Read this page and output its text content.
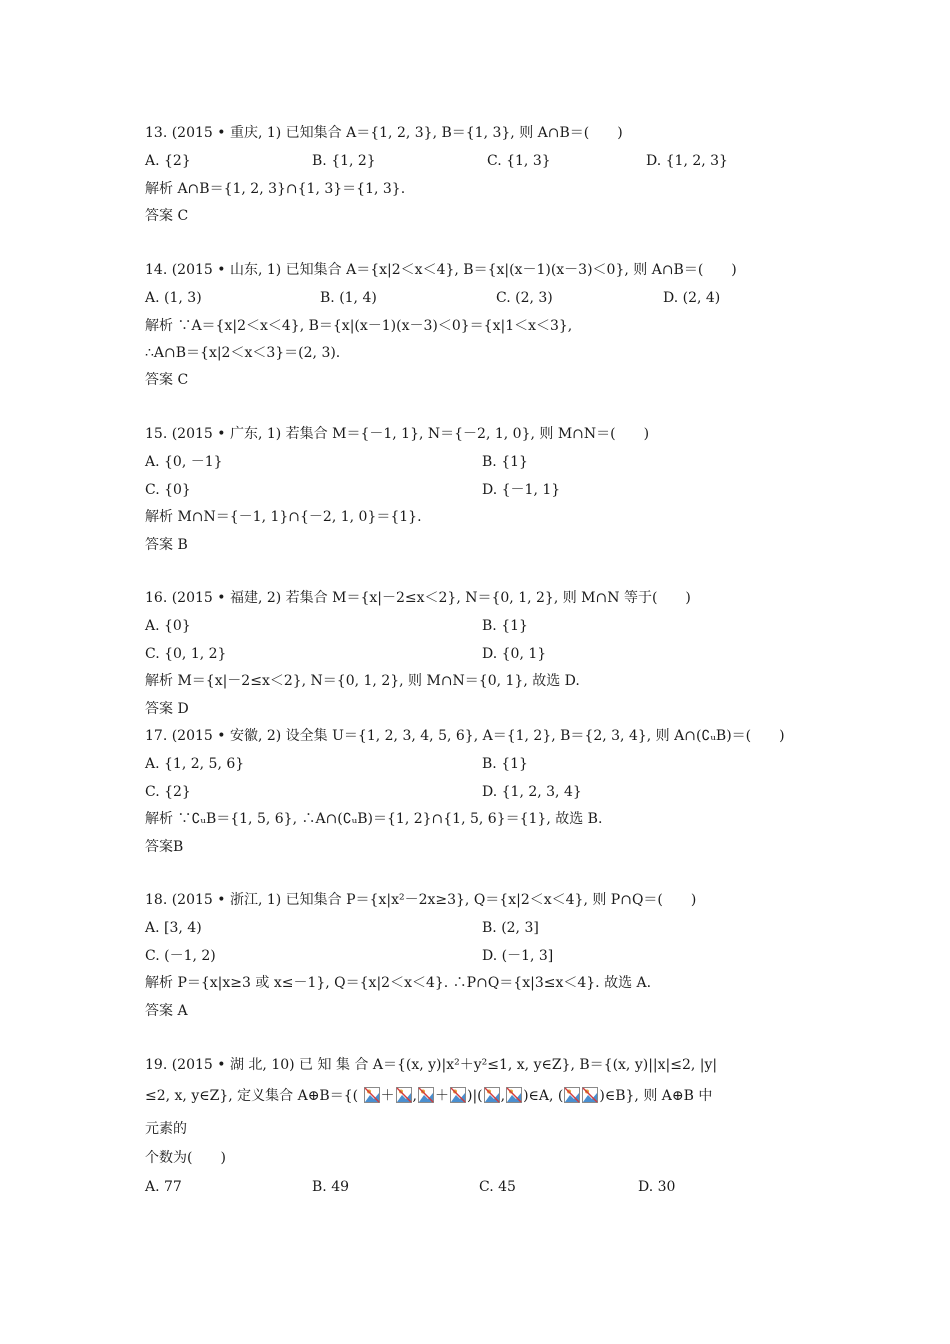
13. (2015 • 重庆, 1) 已知集合 A＝{1, 2, 3}, B＝{1, 3}, 则 A∩B＝(　　)
A. {2}	B. {1, 2}	C. {1, 3}	D. {1, 2, 3}
解析 A∩B＝{1, 2, 3}∩{1, 3}＝{1, 3}.
答案 C
14. (2015 • 山东, 1) 已知集合 A＝{x|2＜x＜4}, B＝{x|(x－1)(x－3)＜0}, 则 A∩B＝(　　)
A. (1, 3)	B. (1, 4)	C. (2, 3)	D. (2, 4)
解析 ∵A＝{x|2＜x＜4}, B＝{x|(x－1)(x－3)＜0}＝{x|1＜x＜3},
∴A∩B＝{x|2＜x＜3}＝(2, 3).
答案 C
15. (2015 • 广东, 1) 若集合 M＝{－1, 1}, N＝{－2, 1, 0}, 则 M∩N＝(　　)
A. {0, －1}	B. {1}
C. {0}	D. {－1, 1}
解析 M∩N＝{－1, 1}∩{－2, 1, 0}＝{1}.
答案 B
16. (2015 • 福建, 2) 若集合 M＝{x|－2≤x＜2}, N＝{0, 1, 2}, 则 M∩N 等于(　　)
A. {0}	B. {1}
C. {0, 1, 2}	D. {0, 1}
解析 M＝{x|－2≤x＜2}, N＝{0, 1, 2}, 则 M∩N＝{0, 1}, 故选 D.
答案 D
17. (2015 • 安徽, 2) 设全集 U＝{1, 2, 3, 4, 5, 6}, A＝{1, 2}, B＝{2, 3, 4}, 则 A∩(∁ᵤB)＝(　　)
A. {1, 2, 5, 6}	B. {1}
C. {2}	D. {1, 2, 3, 4}
解析 ∵∁ᵤB＝{1, 5, 6}, ∴A∩(∁ᵤB)＝{1, 2}∩{1, 5, 6}＝{1}, 故选 B.
答案B
18. (2015 • 浙江, 1) 已知集合 P＝{x|x²－2x≥3}, Q＝{x|2＜x＜4}, 则 P∩Q＝(　　)
A. [3, 4)	B. (2, 3]
C. (－1, 2)	D. (－1, 3]
解析 P＝{x|x≥3 或 x≤－1}, Q＝{x|2＜x＜4}. ∴P∩Q＝{x|3≤x＜4}. 故选 A.
答案 A
19. (2015 • 湖 北, 10) 已 知 集 合 A＝{(x, y)|x²＋y²≤1, x, y∈Z}, B＝{(x, y)||x|≤2, |y|
≤2, x, y∈Z}, 定义集合 A⊕B＝{( ＋ , ＋ )|( , )∈A, (	)∈B}, 则 A⊕B 中
元素的
个数为(　　)
A. 77	B. 49	C. 45	D. 30
